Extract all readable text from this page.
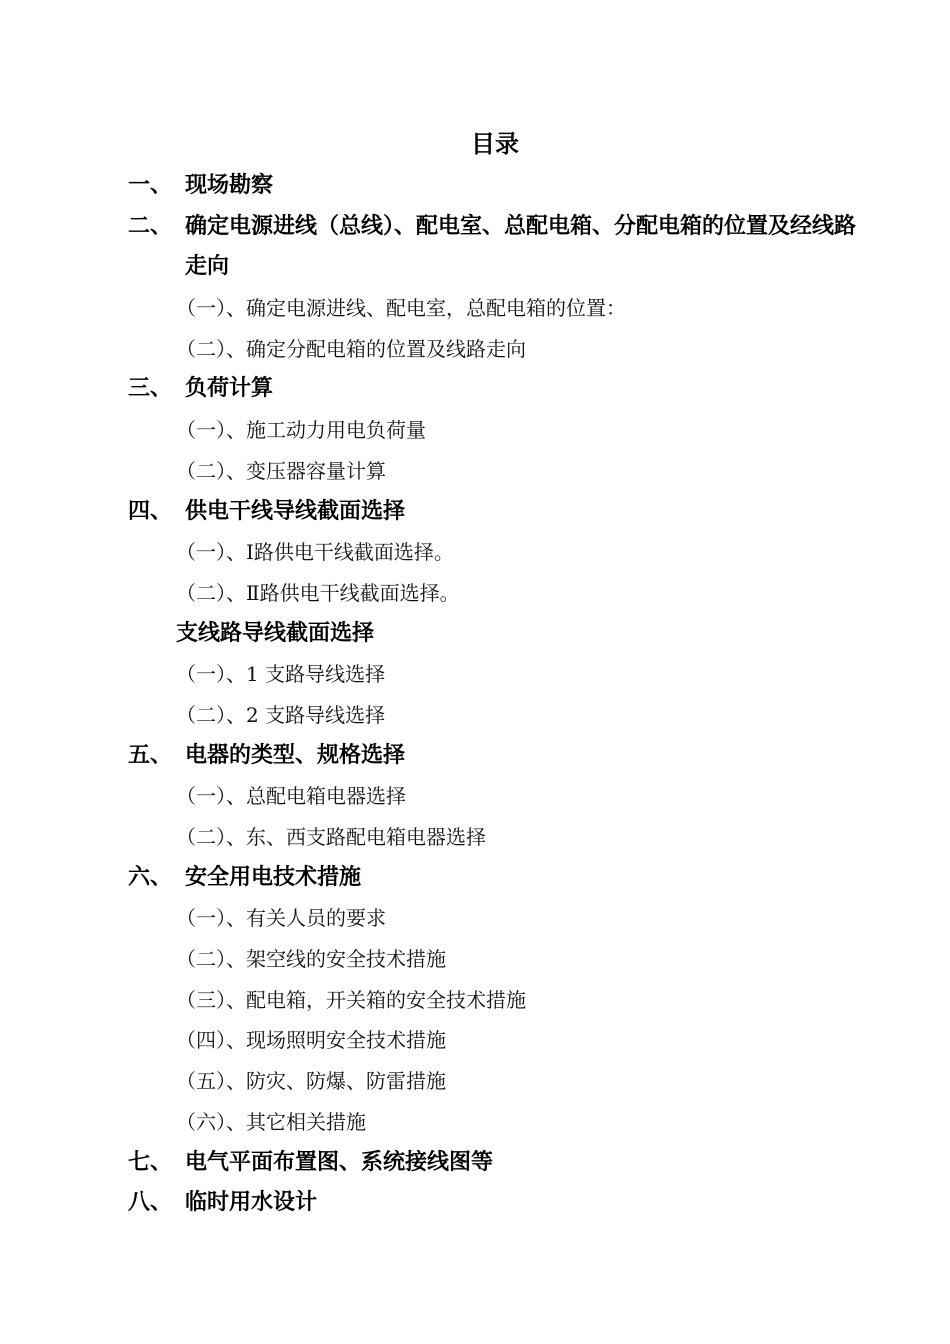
目录
一、 现场勘察
二、 确定电源进线（总线）、配电室、总配电箱、分配电箱的位置及经线路走向
（一）、确定电源进线、配电室，总配电箱的位置：
（二）、确定分配电箱的位置及线路走向
三、 负荷计算
（一）、施工动力用电负荷量
（二）、变压器容量计算
四、 供电干线导线截面选择
（一）、Ⅰ路供电干线截面选择。
（二）、Ⅱ路供电干线截面选择。
支线路导线截面选择
（一）、1 支路导线选择
（二）、2 支路导线选择
五、 电器的类型、规格选择
（一）、总配电箱电器选择
（二）、东、西支路配电箱电器选择
六、 安全用电技术措施
（一）、有关人员的要求
（二）、架空线的安全技术措施
（三）、配电箱，开关箱的安全技术措施
（四）、现场照明安全技术措施
（五）、防灾、防爆、防雷措施
（六）、其它相关措施
七、 电气平面布置图、系统接线图等
八、 临时用水设计
